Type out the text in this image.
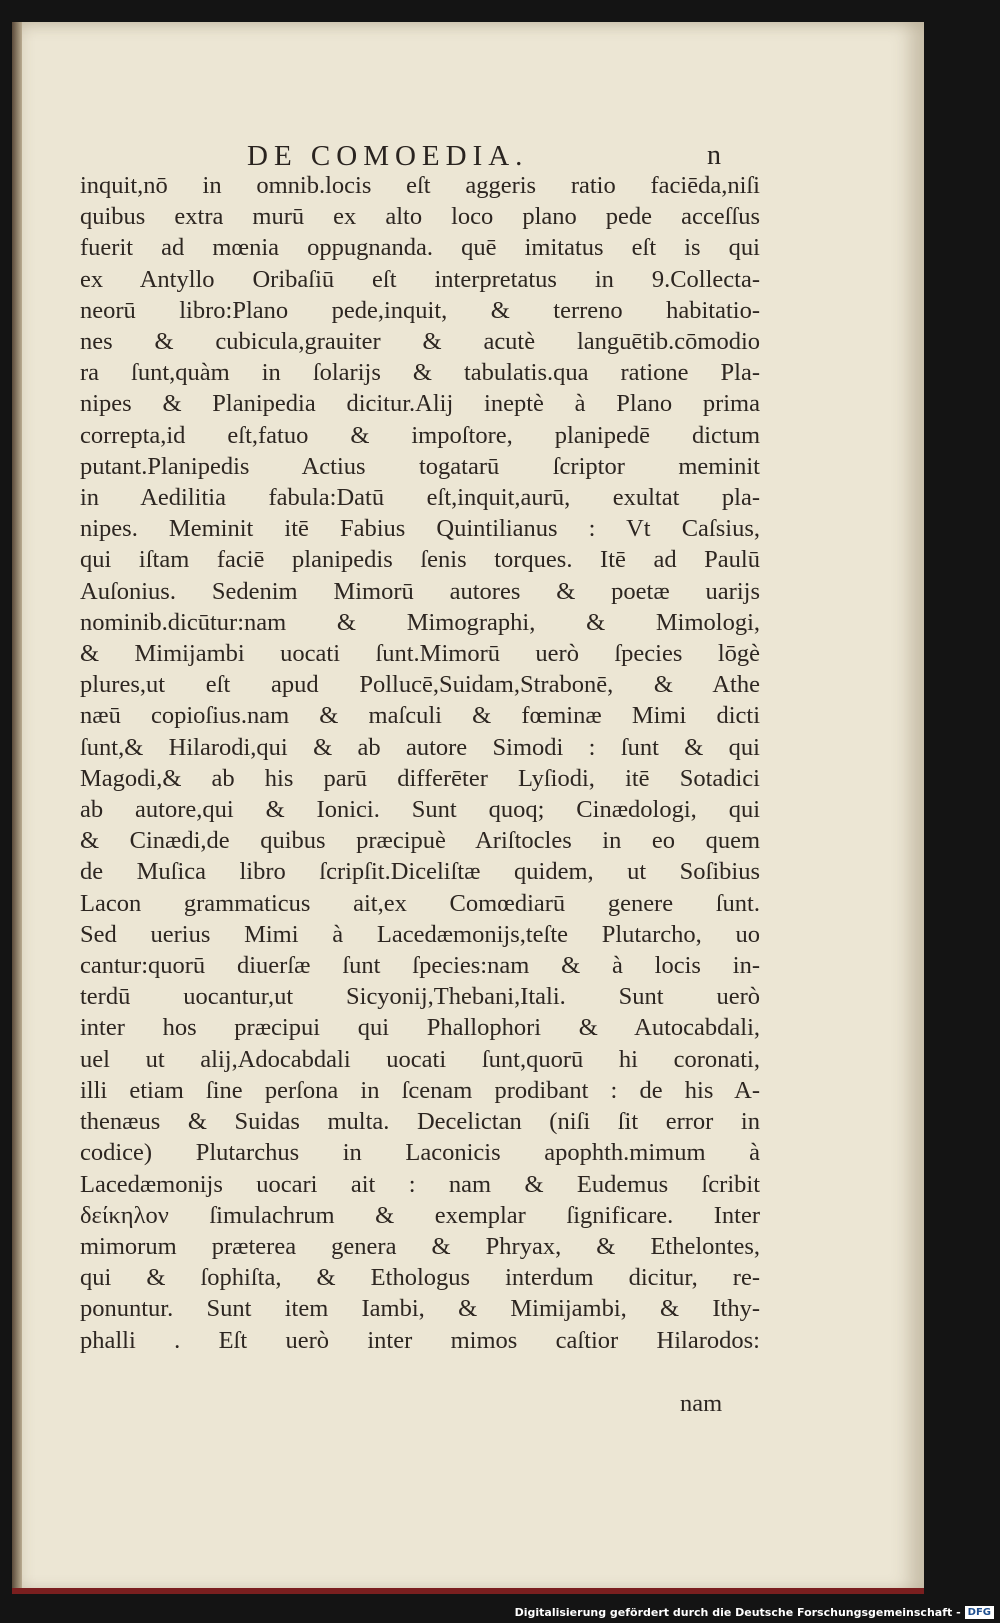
DE COMOEDIA.	n
inquit,nō in omnib.locis eſt aggeris ratio faciēda,niſi
quibus extra murū ex alto loco plano pede acceſſus
fuerit ad mœnia oppugnanda. quē imitatus eſt is qui
ex Antyllo Oribaſiū eſt interpretatus in 9.Collecta-
neorū libro:Plano pede,inquit, & terreno habitatio-
nes & cubicula,grauiter & acutè languētib.cōmodio
ra ſunt,quàm in ſolarijs & tabulatis.qua ratione Pla-
nipes & Planipedia dicitur.Alij ineptè à Plano prima
correpta,id eſt,fatuo & impoſtore, planipedē dictum
putant.Planipedis Actius togatarū ſcriptor meminit
in Aedilitia fabula:Datū eſt,inquit,aurū, exultat pla-
nipes. Meminit itē Fabius Quintilianus : Vt Caſsius,
qui iſtam faciē planipedis ſenis torques. Itē ad Paulū
Auſonius. Sedenim Mimorū autores & poetæ uarijs
nominib.dicūtur:nam & Mimographi, & Mimologi,
& Mimijambi uocati ſunt.Mimorū uerò ſpecies lōgè
plures,ut eſt apud Pollucē,Suidam,Strabonē, & Athe
næū copioſius.nam & maſculi & fœminæ Mimi dicti
ſunt,& Hilarodi,qui & ab autore Simodi : ſunt & qui
Magodi,& ab his parū differēter Lyſiodi, itē Sotadici
ab autore,qui & Ionici. Sunt quoq; Cinædologi, qui
& Cinædi,de quibus præcipuè Ariſtocles in eo quem
de Muſica libro ſcripſit.Diceliſtæ quidem, ut Soſibius
Lacon grammaticus ait,ex Comœdiarū genere ſunt.
Sed uerius Mimi à Lacedæmonijs,teſte Plutarcho, uo
cantur:quorū diuerſæ ſunt ſpecies:nam & à locis in-
terdū uocantur,ut Sicyonij,Thebani,Itali. Sunt uerò
inter hos præcipui qui Phallophori & Autocabdali,
uel ut alij,Adocabdali uocati ſunt,quorū hi coronati,
illi etiam ſine perſona in ſcenam prodibant : de his A-
thenæus & Suidas multa. Decelictan (niſi ſit error in
codice) Plutarchus in Laconicis apophth.mimum à
Lacedæmonijs uocari ait : nam & Eudemus ſcribit
δείκηλον ſimulachrum & exemplar ſignificare. Inter
mimorum præterea genera & Phryax, & Ethelontes,
qui & ſophiſta, & Ethologus interdum dicitur, re-
ponuntur. Sunt item Iambi, & Mimijambi, & Ithy-
phalli . Eſt uerò inter mimos caſtior Hilarodos:
nam
Digitalisierung gefördert durch die Deutsche Forschungsgemeinschaft - DFG
